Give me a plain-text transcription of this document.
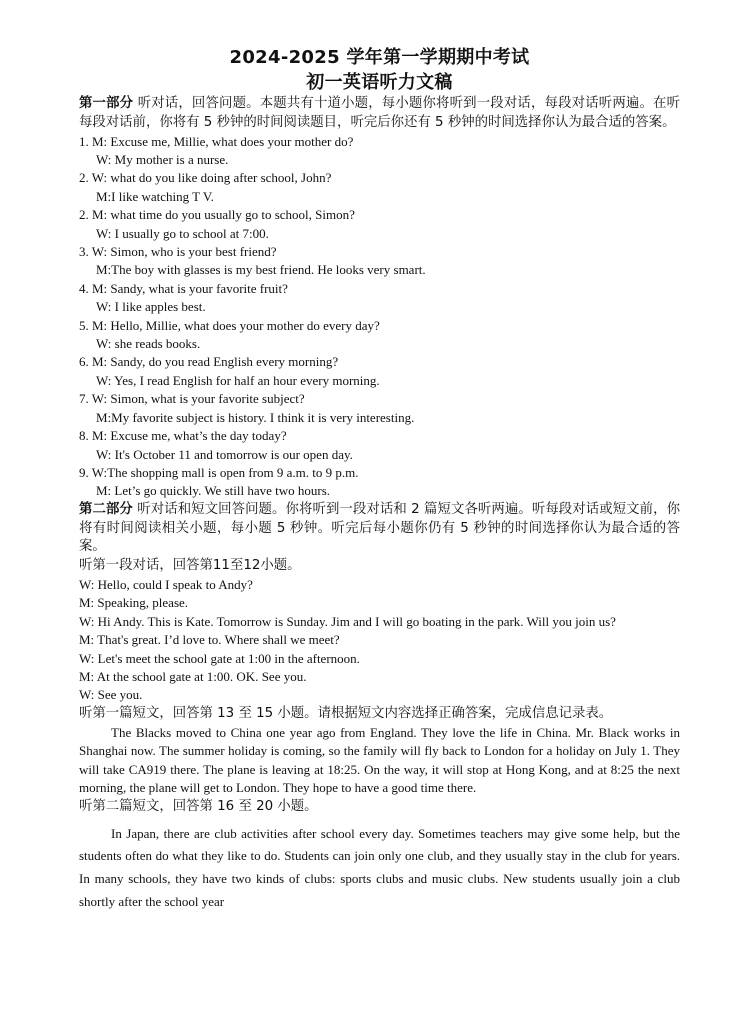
2024-2025 学年第一学期期中考试
初一英语听力文稿
第一部分 听对话，回答问题。本题共有十道小题，每小题你将听到一段对话，每段对话听两遍。在听每段对话前，你将有 5 秒钟的时间阅读题目，听完后你还有 5 秒钟的时间选择你认为最合适的答案。
1. M: Excuse me, Millie, what does your mother do?
W: My mother is a nurse.
2. W: what do you like doing after school, John?
M:I like watching T V.
2. M: what time do you usually go to school, Simon?
W: I usually go to school at 7:00.
3. W: Simon, who is your best friend?
M:The boy with glasses is my best friend. He looks very smart.
4. M: Sandy, what is your favorite fruit?
W: I like apples best.
5. M: Hello, Millie, what does your mother do every day?
W: she reads books.
6. M: Sandy, do you read English every morning?
W: Yes, I read English for half an hour every morning.
7. W: Simon, what is your favorite subject?
M:My favorite subject is history. I think it is very interesting.
8. M: Excuse me, what’s the day today?
W: It's October 11 and tomorrow is our open day.
9. W:The shopping mall is open from 9 a.m. to 9 p.m.
M: Let’s go quickly. We still have two hours.
第二部分 听对话和短文回答问题。你将听到一段对话和 2 篇短文各听两遍。听每段对话或短文前，你将有时间阅读相关小题，每小题 5 秒钟。听完后每小题你仍有 5 秒钟的时间选择你认为最合适的答案。
听第一段对话，回答第11至12小题。
W: Hello, could I speak to Andy?
M: Speaking, please.
W: Hi Andy. This is Kate. Tomorrow is Sunday. Jim and I will go boating in the park. Will you join us?
M: That's great. I’d love to. Where shall we meet?
W: Let's meet the school gate at 1:00 in the afternoon.
M: At the school gate at 1:00. OK. See you.
W: See you.
听第一篇短文，回答第 13 至 15 小题。请根据短文内容选择正确答案，完成信息记录表。
The Blacks moved to China one year ago from England. They love the life in China. Mr. Black works in Shanghai now. The summer holiday is coming, so the family will fly back to London for a holiday on July 1. They will take CA919 there. The plane is leaving at 18:25. On the way, it will stop at Hong Kong, and at 8:25 the next morning, the plane will get to London. They hope to have a good time there.
听第二篇短文，回答第 16 至 20 小题。
In Japan, there are club activities after school every day. Sometimes teachers may give some help, but the students often do what they like to do. Students can join only one club, and they usually stay in the club for years. In many schools, they have two kinds of clubs: sports clubs and music clubs. New students usually join a club shortly after the school year
